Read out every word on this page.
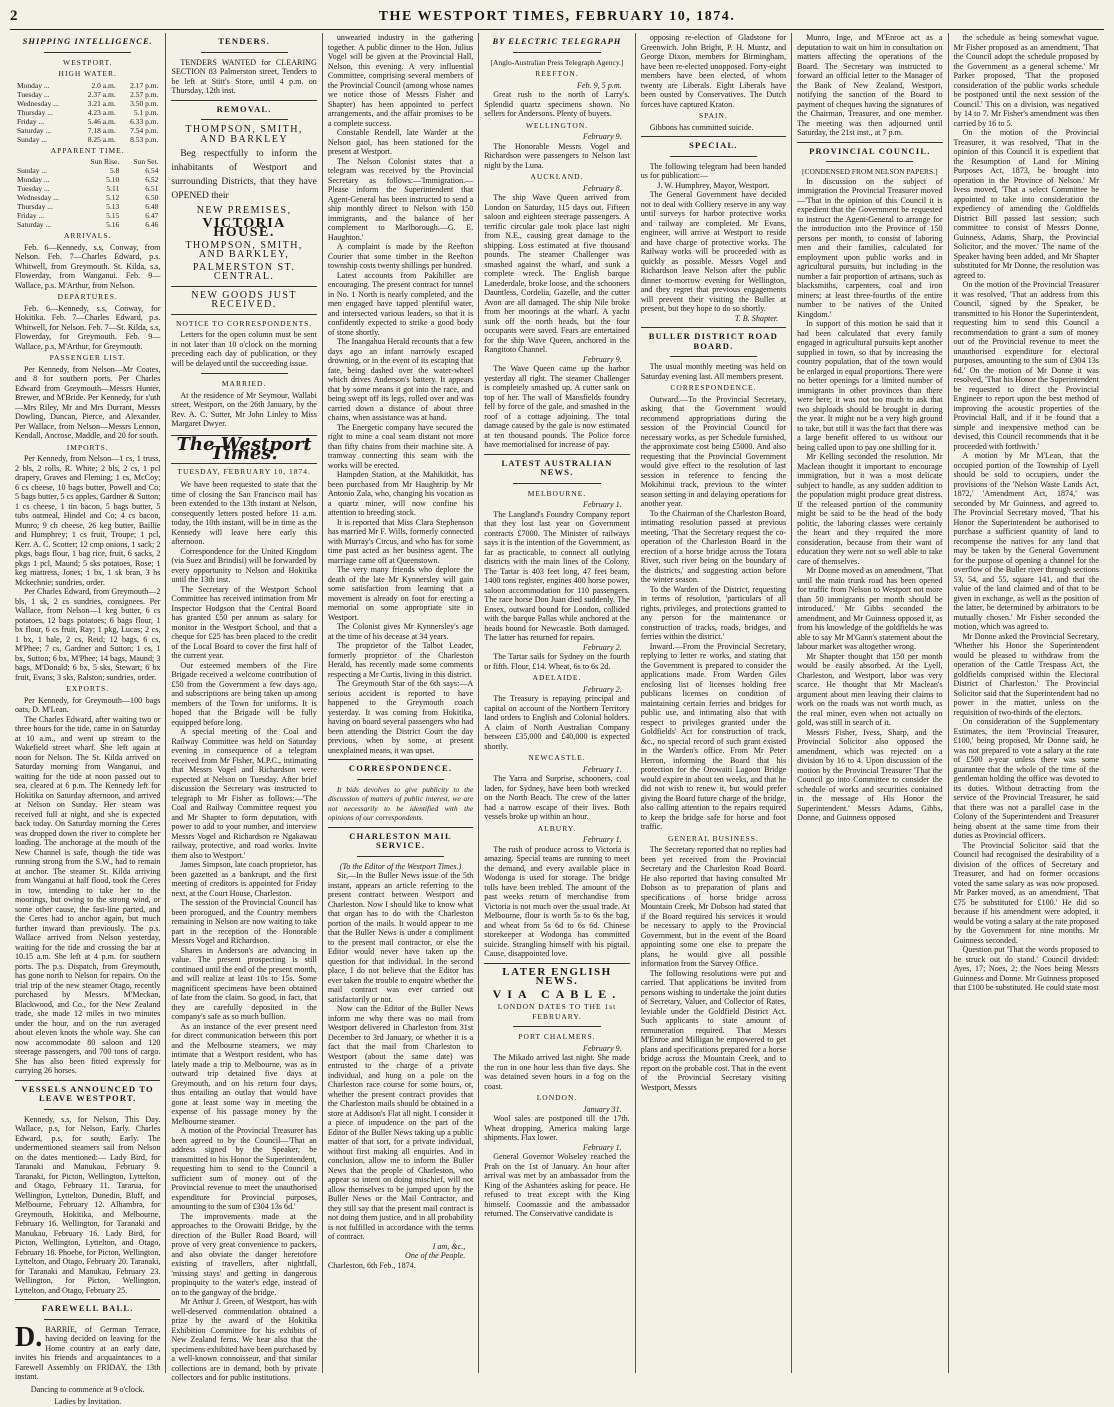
2	THE WESTPORT TIMES, FEBRUARY 10, 1874.
SHIPPING INTELLIGENCE.
WESTPORT.
HIGH WATER.
Monday ...	2.0 a.m.	2.17 p.m.
Tuesday ...	2.37 a.m.	2.57 p.m.
Wednesday ...	3.21 a.m.	3.50 p.m.
Thursday ...	4.23 a.m.	5.1 p.m.
Friday ...	5.46 a.m.	6.33 p.m.
Saturday ...	7.18 a.m.	7.54 p.m.
Sunday ...	8.25 a.m.	8.53 p.m.
APPARENT TIME.
	Sun Rise.	Sun Set.
Sunday ...	5.8	6.54
Monday ...	5.10	6.52
Tuesday ...	5.11	6.51
Wednesday ...	5.12	6.50
Thursday ...	5.13	6.48
Friday ...	5.15	6.47
Saturday ...	5.16	6.46
ARRIVALS.

Feb. 6—Kennedy, s.s, Conway, from Nelson. Feb. 7—Charles Edward, p.s. Whitwell, from Greymouth. St. Kilda, s.s, Flowerday, from Wanganui. Feb. 9—Wallace, p.s. M'Arthur, from Nelson.

DEPARTURES.

Feb. 6—Kennedy, s.s, Conway, for Hokitika. Feb. 7—Charles Edward, p.s. Whitwell, for Nelson. Feb. 7—St. Kilda, s.s, Flowerday, for Greymouth. Feb. 9—Wallace, p.s, M'Arthur, for Greymouth.

PASSENGER LIST.

Per Kennedy, from Nelson—Mr Coates, and 8 for southern ports. Per Charles Edward from Greymouth—Messrs Hunter, Brewer, and M'Bride. Per Kennedy, for s'uth—Mrs Riley, Mr and Mrs Durrant, Messrs Dowling, Duncan, Pierce, and Alexander. Per Wallace, from Nelson—Messrs Lennon, Kendall, Ancrose, Maddle, and 20 for south.

IMPORTS.

Per Kennedy, from Nelson—1 cs, 1 truss, 2 bls, 2 rolls, R. White; 2 bls, 2 cs, 1 pcl drapery, Graves and Fleming; 1 cs, McCoy; 6 cs cheese, 10 bags butter, Powell and Co; 5 bags butter, 5 cs apples, Gardner & Sutton; 1 cs cheese, 1 tin bacon, 5 bags butter, 5 tubs oatmeal, Hindel and Co; 4 cs bacon, Munro; 9 ch cheese, 26 keg butter, Baillie and Humphrey; 1 cs fruit, Troupe; 1 pcl, Kerr. A. C. Scotter; 12 cmp onions, 1 sack; 2 pkgs, bags flour, 1 bag rice, fruit, 6 sacks, 2 pkgs 1 pcl, Maund; 5 sks potatoes, Rose; 1 keg mattress, Jones; 1 bx, 1 sk bran, 3 bs Mckechnie; sundries, order.

Per Charles Edward, from Greymouth—2 bls, 1 sk, 2 cs sundries, consignees. Per Wallace, from Nelson—1 keg butter, 6 cs potatoes, 12 bags potatoes; 6 bags flour, 1 bx flour, 6 cs fruit, Ray; 1 pkg, Lucas; 2 cs, 1 bx, 1 bale, 2 cs, Reid; 12 bags, 6 cs, M'Phee; 7 cs, Gardner and Sutton; 1 cs, 1 bx, Sutton; 6 bx, M'Phee; 14 bags, Maund; 3 bags, M'Donald; 6 bx, 5 sks, Stewart; 6 bx fruit, Evans; 3 sks, Ralston; sundries, order.

EXPORTS.

Per Kennedy, for Greymouth—100 bags oats, D. M'Lean.

The Charles Edward, after waiting two or three hours for the tide, came in on Saturday at 10 a.m., and went up stream to the Wakefield street wharf. She left again at noon for Nelson. The St. Kilda arrived on Saturday morning from Wanganui, and waiting for the tide at noon passed out to sea, cleared at 6 p.m. The Kennedy left for Hokitika on Saturday afternoon, and arrived at Nelson on Sunday. Her steam was received full at night, and she is expected back today. On Saturday morning the Ceres was dropped down the river to complete her loading. The anchorage at the mouth of the New Channel is safe, though the tide was running strong from the S.W., had to remain at anchor. The steamer St. Kilda arriving from Wanganui at half flood, took the Ceres in tow, intending to take her to the moorings, but owing to the strong wind, or some other cause, the fast-line parted, and the Ceres had to anchor again, but much further inward than previously. The p.s. Wallace arrived from Nelson yesterday, waiting for the tide and crossing the bar at 10.15 a.m. She left at 4 p.m. for southern ports. The p.s. Dispatch, from Greymouth, has gone north to Nelson for repairs. On the trial trip of the new steamer Otago, recently purchased by Messrs. M'Meckan, Blackwood, and Co., for the New Zealand trade, she made 12 miles in two minutes under the hour, and on the run averaged about eleven knots the whole way. She can now accommodate 80 saloon and 120 steerage passengers, and 700 tons of cargo. She has also been fitted expressly for carrying 26 horses.

VESSELS ANNOUNCED TO LEAVE WESTPORT.

Kennedy, s.s, for Nelson, This Day. Wallace, p.s, for Nelson, Early. Charles Edward, p.s, for south, Early. The undermentioned steamers sail from Nelson on the dates mentioned:— Lady Bird, for Taranaki and Manukau, February 9. Taranaki, for Picton, Wellington, Lyttelton, and Otago, February 11. Tararua, for Wellington, Lyttelton, Dunedin, Bluff, and Melbourne, February 12. Alhambra, for Greymouth, Hokitika, and Melbourne, February 16. Wellington, for Taranaki and Manukau, February 16. Lady Bird, for Picton, Wellington, Lyttelton, and Otago, February 18. Phoebe, for Picton, Wellington, Lyttelton, and Otago, February 20. Taranaki, for Taranaki and Manukau, February 23. Wellington, for Picton, Wellington, Lyttelton, and Otago, February 25.

FAREWELL BALL.
D. BARRIE, of German Terrace, having decided on leaving for the Home country at an early date, invites his friends and acquaintances to a Farewell Assembly on FRIDAY, the 13th instant.
Dancing to commence at 9 o'clock.
Ladies by Invitation.
TENDERS.

TENDERS WANTED for CLEARING SECTION 83 Palmerston street, Tenders to be left at Stitt's Store, until 4 p.m. on Thursday, 12th inst.

REMOVAL.
THOMPSON, SMITH, AND BARKLEY

Beg respectfully to inform the inhabitants of Westport and surrounding Districts, that they have OPENED their

NEW PREMISES,
VICTORIA HOUSE.
THOMPSON, SMITH, AND BARKLEY,
PALMERSTON ST. CENTRAL.
NEW GOODS JUST RECEIVED.
NOTICE TO CORRESPONDENTS.

Letters for the open column must be sent in not later than 10 o'clock on the morning preceding each day of publication, or they will be delayed until the succeeding issue.

MARRIED.

At the residence of Mr Seymour, Wallabi street, Westport, on the 26th January, by the Rev. A. C. Sutter, Mr John Linley to Miss Margaret Dwyer.

The Westport Times.
TUESDAY, FEBRUARY 10, 1874.

We have been requested to state that the time of closing the San Francisco mail has been extended to the 13th instant at Nelson, consequently letters posted before 11 a.m. today, the 10th instant, will be in time as the Kennedy will leave here early this afternoon.

Correspondence for the United Kingdom (via Suez and Brindisi) will be forwarded by every opportunity to Nelson and Hokitika until the 13th inst.

The Secretary of the Westport School Committee has received intimation from Mr Inspector Hodgson that the Central Board has granted £50 per annum as salary for monitor in the Westport School, and that a cheque for £25 has been placed to the credit of the Local Board to cover the first half of the current year.

Our esteemed members of the Fire Brigade received a welcome contribution of £50 from the Government a few days ago, and subscriptions are being taken up among members of the Town for uniforms. It is hoped that the Brigade will be fully equipped before long.

A special meeting of the Coal and Railway Committee was held on Saturday evening in consequence of a telegram received from Mr Fisher, M.P.C., intimating that Messrs Vogel and Richardson were expected at Nelson on Tuesday. After brief discussion the Secretary was instructed to telegraph to Mr Fisher as follows:—'The Coal and Railway Committee request you and Mr Shapter to form deputation, with power to add to your number, and interview Messrs Vogel and Richardson re Ngakawau railway, protective, and road works. Invite them also to Westport.'

James Simpson, late coach proprietor, has been gazetted as a bankrupt, and the first meeting of creditors is appointed for Friday next, at the Court House, Charleston.

The session of the Provincial Council has been prorogued, and the Country members remaining in Nelson are now waiting to take part in the reception of the Honorable Messrs Vogel and Richardson.

Shares in Anderson's are advancing in value. The present prospecting is still continued until the end of the present month, and will realize at least 10s to 15s. Some magnificent specimens have been obtained of late from the claim. So good, in fact, that they are carefully deposited in the company's safe as so much bullion.

As an instance of the ever present need for direct communication between this port and the Melbourne steamers, we may intimate that a Westport resident, who has lately made a trip to Melbourne, was as in outward trip detained five days at Greymouth, and on his return four days, thus entailing an outlay that would have gone at least some way in meeting the expense of his passage money by the Melbourne steamer.

A motion of the Provincial Treasurer has been agreed to by the Council—'That an address signed by the Speaker, be transmitted to his Honor the Superintendent, requesting him to send to the Council a sufficient sum of money out of the Provincial revenue to meet the unauthorised expenditure for Provincial purposes, amounting to the sum of £304 13s 6d.'

The improvements made at the approaches to the Orowaiti Bridge, by the direction of the Buller Road Board, will prove of very great convenience to packers, and also obviate the danger heretofore existing of travellers, after nightfall, 'missing stays' and getting in dangerous propinquity to the water's edge, instead of on to the gangway of the bridge.

Mr Arthur J. Green, of Westport, has with well-deserved commendation obtained a prize by the award of the Hokitika Exhibition Committee for his exhibits of New Zealand ferns. We hear also that the specimens exhibited have been purchased by a well-known connoisseur, and that similar collections are in demand, both by private collectors and for public institutions.

unwearied industry in the gathering together. A public dinner to the Hon. Julius Vogel will be given at the Provincial Hall, Nelson, this evening. A very influential Committee, comprising several members of the Provincial Council (among whose names we notice those of Messrs Fisher and Shapter) has been appointed to perfect arrangements, and the affair promises to be a complete success.

Constable Rendell, late Warder at the Nelson gaol, has been stationed for the present at Westport.

The Nelson Colonist states that a telegram was received by the Provincial Secretary as follows:—'Immigration.—Please inform the Superintendent that Agent-General has been instructed to send a ship monthly direct to Nelson with 150 immigrants, and the balance of her complement to Marlborough.—G. E. Haughton.'

A complaint is made by the Reefton Courier that some timber in the Reefton township costs twenty shillings per hundred.

Latest accounts from Pakihiller are encouraging. The present contract for tunnel in No. 1 North is nearly completed, and the men engaged have tapped plentiful water, and intersected various leaders, so that it is confidently expected to strike a good body of stone shortly.

The Inangahua Herald recounts that a few days ago an infant narrowly escaped drowning, or in the event of its escaping that fate, being dashed over the water-wheel which drives Anderson's battery. It appears that by some means it got into the race, and being swept off its legs, rolled over and was carried down a distance of about three chains, when assistance was at hand.

The Energetic company have secured the right to mine a coal seam distant not more than fifty chains from their machine site. A tramway connecting this seam with the works will be erected.

Hampden Station, at the Mahikitkit, has been purchased from Mr Haughtrip by Mr Antonio Zala, who, changing his vocation as a quartz miner, will now confine his attention to breeding stock.

It is reported that Miss Clara Stephenson has married Mr F. Wills, formerly connected with Murray's Circus, and who has for some time past acted as her business agent. The marriage came off at Queenstown.

The very many friends who deplore the death of the late Mr Kynnersley will gain some satisfaction from learning that a movement is already on foot for erecting a memorial on some appropriate site in Westport.

The Colonist gives Mr Kynnersley's age at the time of his decease at 34 years.

The proprietor of the Talbot Leader, formerly proprietor of the Charleston Herald, has recently made some comments respecting a Mr Curtis, living in this district.

The Greymouth Star of the 6th says:—A serious accident is reported to have happened to the Greymouth coach yesterday. It was coming from Hokitika, having on board several passengers who had been attending the District Court the day previous, when by some, at present unexplained means, it was upset.

CORRESPONDENCE.

It bids devolves to give publicity to the discussion of matters of public interest, we are not necessarily to be identified with the opinions of our correspondents.

CHARLESTON MAIL SERVICE.
(To the Editor of the Westport Times.)

Sir,—In the Buller News issue of the 5th instant, appears an article referring to the present contract between Westport and Charleston. Now I should like to know what that organ has to do with the Charleston portion of the mails. It would appear to me that the Buller News is under a compliment to the present mail contractor, or else the Editor would never have taken up the question for that individual. In the second place, I do not believe that the Editor has ever taken the trouble to enquire whether the mail contract was ever carried out satisfactorily or not.

Now can the Editor of the Buller News inform me why there was no mail from Westport delivered in Charleston from 31st December to 3rd January, or whether it is a fact that the mail from Charleston to Westport (about the same date) was entrusted to the charge of a private individual, and hung on a pole on the Charleston race course for some hours, or, whether the present contract provides that the Charleston mails should be obtained in a store at Addison's Flat all night. I consider it a piece of impudence on the part of the Editor of the Buller News taking up a public matter of that sort, for a private individual, without first making all enquiries. And in conclusion, allow me to inform the Buller News that the people of Charleston, who appear so intent on doing mischief, will not allow themselves to be jumped upon by the Buller News or the Mail Contractor, and they still say that the present mail contract is not doing them justice, and in all probability is not fulfilled in accordance with the terms of contract.

I am, &c.,
One of the People.
Charleston, 6th Feb., 1874.
BY ELECTRIC TELEGRAPH
[Anglo-Australian Press Telegraph Agency.]
REEFTON.
Feb. 9, 5 p.m.

Great rush to the north of Larry's. Splendid quartz specimens shown. No sellers for Andersons. Plenty of buyers.

WELLINGTON.
February 9.

The Honorable Messrs Vogel and Richardson were passengers to Nelson last night by the Luna.

AUCKLAND.
February 8.

The ship Wave Queen arrived from London on Saturday, 115 days out. Fifteen saloon and eighteen steerage passengers. A terrific circular gale took place last night from N.E., causing great damage to the shipping. Loss estimated at five thousand pounds. The steamer Challenger was smashed against the wharf, and sunk a complete wreck. The English barque Lanederdale, broke loose, and the schooners Dauntless, Cordelia, Gazelle, and the cutter Avon are all damaged. The ship Nile broke from her moorings at the wharf. A yacht sunk off the north heads, but the four occupants were saved. Fears are entertained for the ship Wave Queen, anchored in the Rangitoto Channel.

February 9.

The Wave Queen came up the harbor yesterday all right. The steamer Challenger is completely smashed up. A cutter sank on top of her. The wall of Mansfields foundry fell by force of the gale, and smashed in the roof of a cottage adjoining. The total damage caused by the gale is now estimated at ten thousand pounds. The Police force have memorialised for increase of pay.

LATEST AUSTRALIAN NEWS.
MELBOURNE.
February 1.

The Langland's Foundry Company report that they lost last year on Government contracts £7000. The Minister of railways says it is the intention of the Government, as far as practicable, to connect all outlying districts with the main lines of the Colony. The Tartar is 403 feet long, 47 feet beam, 1400 tons register, engines 400 horse power, saloon accommodation for 110 passengers. The race horse Don Juan died suddenly. The Ensex, outward bound for London, collided with the barque Pallas while anchored at the heads bound for Newcastle. Both damaged. The latter has returned for repairs.

February 2.

The Tartar sails for Sydney on the fourth or fifth. Flour, £14. Wheat, 6s to 6s 2d.

ADELAIDE.
February 2.

The Treasury is repaying principal and capital on account of the Northern Territory land orders to English and Colonial holders. A claim of North Australian Company between £35,000 and £40,000 is expected shortly.

NEWCASTLE.
February 1.

The Yarra and Surprise, schooners, coal laden, for Sydney, have been both wrecked on the North Beach. The crew of the latter had a narrow escape of their lives. Both vessels broke up within an hour.

ALBURY.
February 1.

The rush of produce across to Victoria is amazing. Special teams are running to meet the demand, and every available place in Wodonga is used for storage. The bridge tolls have been trebled. The amount of the past weeks return of merchandise from Victoria is not much over the usual trade. At Melbourne, flour is worth 5s to 6s the bag, and wheat from 5s 6d to 6s 6d. Chinese storekeeper at Wodonga has committed suicide. Strangling himself with his pigtail. Cause, disappointed love.

LATER ENGLISH NEWS.
VIA CABLE.
LONDON DATES TO THE 1st FEBRUARY.
PORT CHALMERS.
February 9.

The Mikado arrived last night. She made the run in one hour less than five days. She was detained seven hours in a fog on the coast.

LONDON.
January 31.

Wool sales are postponed till the 17th. Wheat dropping. America making large shipments. Flax lower.

February 1.

General Governor Wolseley reached the Prah on the 1st of January. An hour after arrival was met by an ambassador from the King of the Ashantees asking for peace. He refused to treat except with the King himself. Coomassie and the ambassador returned. The Conservative candidate is

opposing re-election of Gladstone for Greenwich. John Bright, P. H. Muntz, and George Dixon, members for Birmingham, have been re-elected unopposed. Forty-eight members have been elected, of whom twenty are Liberals. Eight Liberals have been ousted by Conservatives. The Dutch forces have captured Kraton.

SPAIN.

Gibbons has committed suicide.

SPECIAL.

The following telegram had been handed us for publication:—

J. W. Humphrey, Mayor, Westport.

The General Government have decided not to deal with Colliery reserve in any way until surveys for harbor protective works and railway are completed. Mr Evans, engineer, will arrive at Westport to reside and have charge of protective works. The Railway works will be proceeded with as quickly as possible. Messrs Vogel and Richardson leave Nelson after the public dinner to-morrow evening for Wellington, and they regret that previous engagements will prevent their visiting the Buller at present, but they hope to do so shortly.

T. B. Shapter.
BULLER DISTRICT ROAD BOARD.

The usual monthly meeting was held on Saturday evening last. All members present.

CORRESPONDENCE.

Outward.—To the Provincial Secretary, asking that the Government would recommend appropriations during the session of the Provincial Council for necessary works, as per Schedule furnished, the approximate cost being £5000. And also requesting that the Provincial Government would give effect to the resolution of last session in reference to fencing the Mokihinui track, previous to the winter season setting in and delaying operations for another year.

To the Chairman of the Charleston Board, intimating resolution passed at previous meeting, 'That the Secretary request the co-operation of the Charleston Board in the erection of a horse bridge across the Totara River, such river being on the boundary of the districts,' and suggesting action before the winter season.

To the Warden of the District, requesting in terms of resolution, 'particulars of all rights, privileges, and protections granted to any person for the maintenance or construction of tracks, roads, bridges, and ferries within the district.'

Inward.—From the Provincial Secretary, replying to letter re works, and stating that the Government is prepared to consider the applications made. From Warden Giles enclosing list of licenses holding free publicans licenses on condition of maintaining certain ferries and bridges for public use, and intimating also that with respect to privileges granted under the Goldfields' Act for construction of track, &c., no special record of such grant existed in the Warden's office. From Mr Peter Herron, informing the Board that his protection for the Orowaiti Lagoon Bridge would expire in about ten weeks, and that he did not wish to renew it, but would prefer giving the Board future charge of the bridge, also calling attention to the repairs required to keep the bridge safe for horse and foot traffic.

GENERAL BUSINESS.

The Secretary reported that no replies had been yet received from the Provincial Secretary and the Charleston Road Board. He also reported that having consulted Mr Dobson as to preparation of plans and specifications of horse bridge across Mountain Creek, Mr Dobson had stated that if the Board required his services it would be necessary to apply to the Provincial Government, but in the event of the Board appointing some one else to prepare the plans, he would give all possible information from the Survey Office.

The following resolutions were put and carried. That applications be invited from persons wishing to undertake the joint duties of Secretary, Valuer, and Collector of Rates, leviable under the Goldfield District Act. Such applicants to state amount of remuneration required. That Messrs M'Enroe and Milligan be empowered to get plans and specifications prepared for a horse bridge across the Mountain Creek, and to report on the probable cost. That in the event of the Provincial Secretary visiting Westport, Messrs

Munro, Inge, and M'Enroe act as a deputation to wait on him in consultation on matters affecting the operations of the Board. The Secretary was instructed to forward an official letter to the Manager of the Bank of New Zealand, Westport, notifying the sanction of the Board to payment of cheques having the signatures of the Chairman, Treasurer, and one member. The meeting was then adjourned until Saturday, the 21st inst., at 7 p.m.

PROVINCIAL COUNCIL.
[CONDENSED FROM NELSON PAPERS.]

In discussion on the subject of immigration the Provincial Treasurer moved—'That in the opinion of this Council it is expedient that the Government be requested to instruct the Agent-General to arrange for the introduction into the Province of 150 persons per month, to consist of laboring men and their families, calculated for employment upon public works and in agricultural pursuits, but including in the number a fair proportion of artisans, such as blacksmiths, carpenters, coal and iron miners; at least three-fourths of the entire number to be natives of the United Kingdom.'

In support of this motion he said that it had been calculated that every family engaged in agricultural pursuits kept another supplied in town, so that by increasing the country population, that of the town would be enlarged in equal proportions. There were no better openings for a limited number of immigrants in other provinces than there were here; it was not too much to ask that two shiploads should be brought in during the year. It might not be a very high ground to take, but still it was the fact that there was a large benefit offered to us without our being called upon to pay one shilling for it.

Mr Kelling seconded the resolution. Mr Maclean thought it important to encourage immigration, but it was a most delicate subject to handle, as any sudden addition to the population might produce great distress. If the released portion of the community might be said to be the head of the body politic, the laboring classes were certainly the heart and they required the more consideration, because from their want of education they were not so well able to take care of themselves.

Mr Donne moved as an amendment, 'That until the main trunk road has been opened for traffic from Nelson to Westport not more than 50 immigrants per month should be introduced.' Mr Gibbs seconded the amendment, and Mr Guinness opposed it, as from his knowledge of the goldfields he was able to say Mr M'Gann's statement about the labour market was altogether wrong.

Mr Shapter thought that 150 per month would be easily absorbed. At the Lyell, Charleston, and Westport, labor was very scarce. He thought that Mr Maclean's argument about men leaving their claims to work on the roads was not worth much, as the real miner, even when not actually on gold, was still in search of it.

Messrs Fisher, Ivess, Sharp, and the Provincial Solicitor also opposed the amendment, which was rejected on a division by 16 to 4. Upon discussion of the motion by the Provincial Treasurer 'That the Council go into Committee to consider the schedule of works and securities contained in the message of His Honor the Superintendent.' Messrs Adams, Gibbs, Donne, and Guinness opposed

the schedule as being somewhat vague. Mr Fisher proposed as an amendment, 'That the Council adopt the schedule proposed by the Government as a general scheme.' Mr Parker proposed, 'That the proposed consideration of the public works schedule be postponed until the next session of the Council.' This on a division, was negatived by 14 to 7. Mr Fisher's amendment was then carried by 16 to 5.

On the motion of the Provincial Treasurer, it was resolved, 'That in the opinion of this Council it is expedient that the Resumption of Land for Mining Purposes Act, 1873, be brought into operation in the Province of Nelson.' Mr Ivess moved, 'That a select Committee be appointed to take into consideration the expediency of amending the Goldfields District Bill passed last session; such committee to consist of Messrs Donne, Guinness, Adams, Sharp, the Provincial Solicitor, and the mover.' The name of the Speaker having been added, and Mr Shapter substituted for Mr Donne, the resolution was agreed to.

On the motion of the Provincial Treasurer it was resolved, 'That an address from this Council, signed by the Speaker, be transmitted to his Honor the Superintendent, requesting him to send this Council a recommendation to grant a sum of money out of the Provincial revenue to meet the unauthorised expenditure for electoral purposes, amounting to the sum of £304 13s 6d.' On the motion of Mr Donne it was resolved, 'That his Honor the Superintendent be requested to direct the Provincial Engineer to report upon the best method of improving the acoustic properties of the Provincial Hall, and if it be found that a simple and inexpensive method can be devised, this Council recommends that it be proceeded with forthwith.'

A motion by Mr M'Lean, that the occupied portion of the Township of Lyell should be sold to occupiers, under the provisions of the 'Nelson Waste Lands Act, 1872,' 'Amendment Act, 1874,' was seconded by Mr Guinness, and agreed to. The Provincial Secretary moved, 'That his Honor the Superintendent be authorised to purchase a sufficient quantity of land to recompense the natives for any land that may be taken by the General Government for the purpose of opening a channel for the overflow of the Buller river through sections 53, 54, and 55, square 141, and that the value of the land claimed and of that to be given in exchange, as well as the position of the latter, be determined by arbitrators to be mutually chosen.' Mr Fisher seconded the motion, which was agreed to.

Mr Donne asked the Provincial Secretary, 'Whether his Honor the Superintendent would be pleased to withdraw from the operation of the Cattle Trespass Act, the goldfields comprised within the Electoral District of Charleston.' The Provincial Solicitor said that the Superintendent had no power in the matter, unless on the requisition of two-thirds of the electors.

On consideration of the Supplementary Estimates, the item 'Provincial Treasurer, £100,' being proposed, Mr Donne said, he was not prepared to vote a salary at the rate of £500 a-year unless there was some guarantee that the whole of the time of the gentleman holding the office was devoted to its duties. Without detracting from the service of the Provincial Treasurer, he said that there was not a parallel case in the Colony of the Superintendent and Treasurer being absent at the same time from their duties as Provincial officers.

The Provincial Solicitor said that the Council had recognised the desirability of a division of the offices of Secretary and Treasurer, and had on former occasions voted the same salary as was now proposed. Mr Parker moved, as an amendment, 'That £75 be substituted for £100.' He did so because if his amendment were adopted, it would be voting a salary at the rate proposed by the Government for nine months. Mr Guinness seconded.

Question put 'That the words proposed to be struck out do stand.' Council divided: Ayes, 17; Noes, 2; the Noes being Messrs Guinness and Donne. Mr Guinness proposed that £100 be substituted. He could state most
